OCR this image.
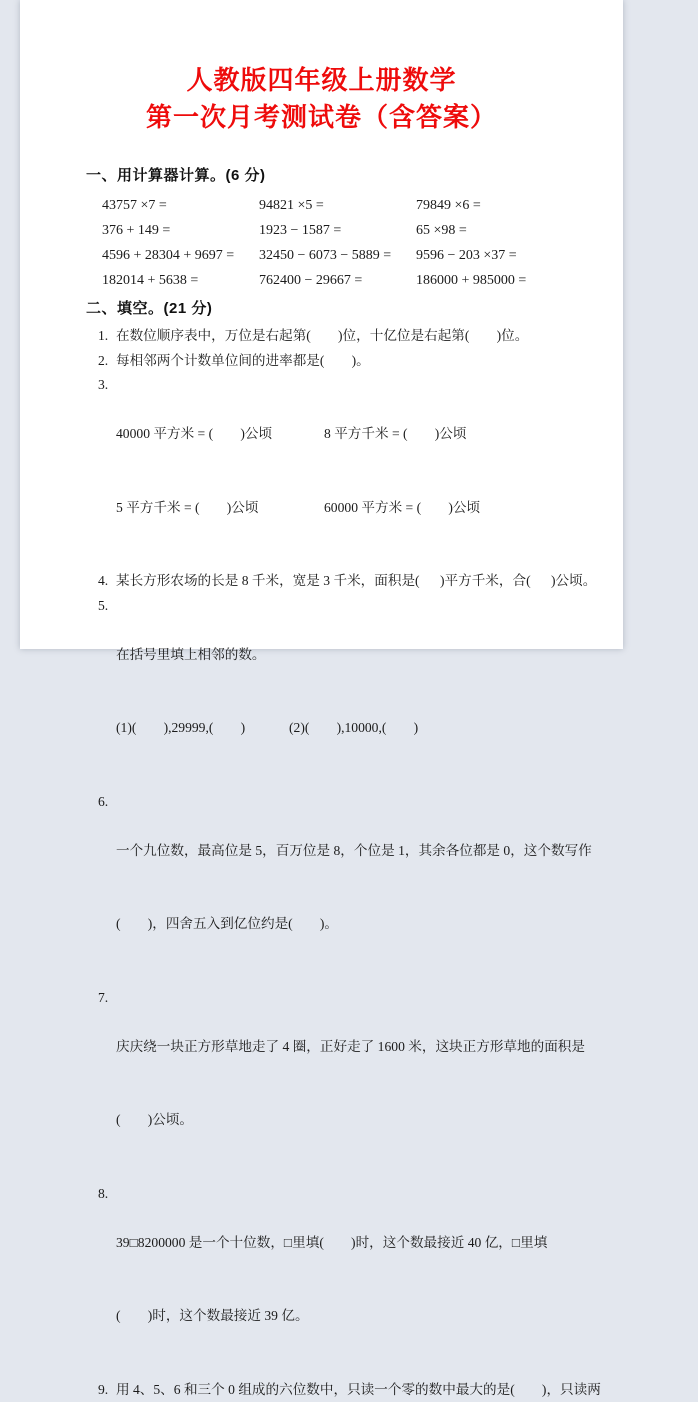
人教版四年级上册数学
第一次月考测试卷（含答案）
一、用计算器计算。(6 分)
43757 ×7 =	94821 ×5 =	79849 ×6 =
376 + 149 =	1923 − 1587 =	65 ×98 =
4596 + 28304 + 9697 =	32450 − 6073 − 5889 =	9596 − 203 ×37 =
182014 + 5638 =	762400 − 29667 =	186000 + 985000 =
二、填空。(21 分)
1. 在数位顺序表中，万位是右起第(        )位，十亿位是右起第(        )位。
2. 每相邻两个计数单位间的进率都是(        )。
3.

40000 平方米 = (        )公顷	8 平方千米 = (        )公顷

5 平方千米 = (        )公顷	60000 平方米 = (        )公顷

4. 某长方形农场的长是 8 千米，宽是 3 千米，面积是(      )平方千米，合(      )公顷。
5.

在括号里填上相邻的数。

(1)(        ),29999,(        )	(2)(        ),10000,(        )

6.

一个九位数，最高位是 5，百万位是 8，个位是 1，其余各位都是 0，这个数写作

(        )，四舍五入到亿位约是(        )。

7.

庆庆绕一块正方形草地走了 4 圈，正好走了 1600 米，这块正方形草地的面积是

(        )公顷。

8.

39□8200000 是一个十位数，□里填(        )时，这个数最接近 40 亿，□里填

(        )时，这个数最接近 39 亿。

9. 用 4、5、6 和三个 0 组成的六位数中，只读一个零的数中最大的是(        )，只读两
